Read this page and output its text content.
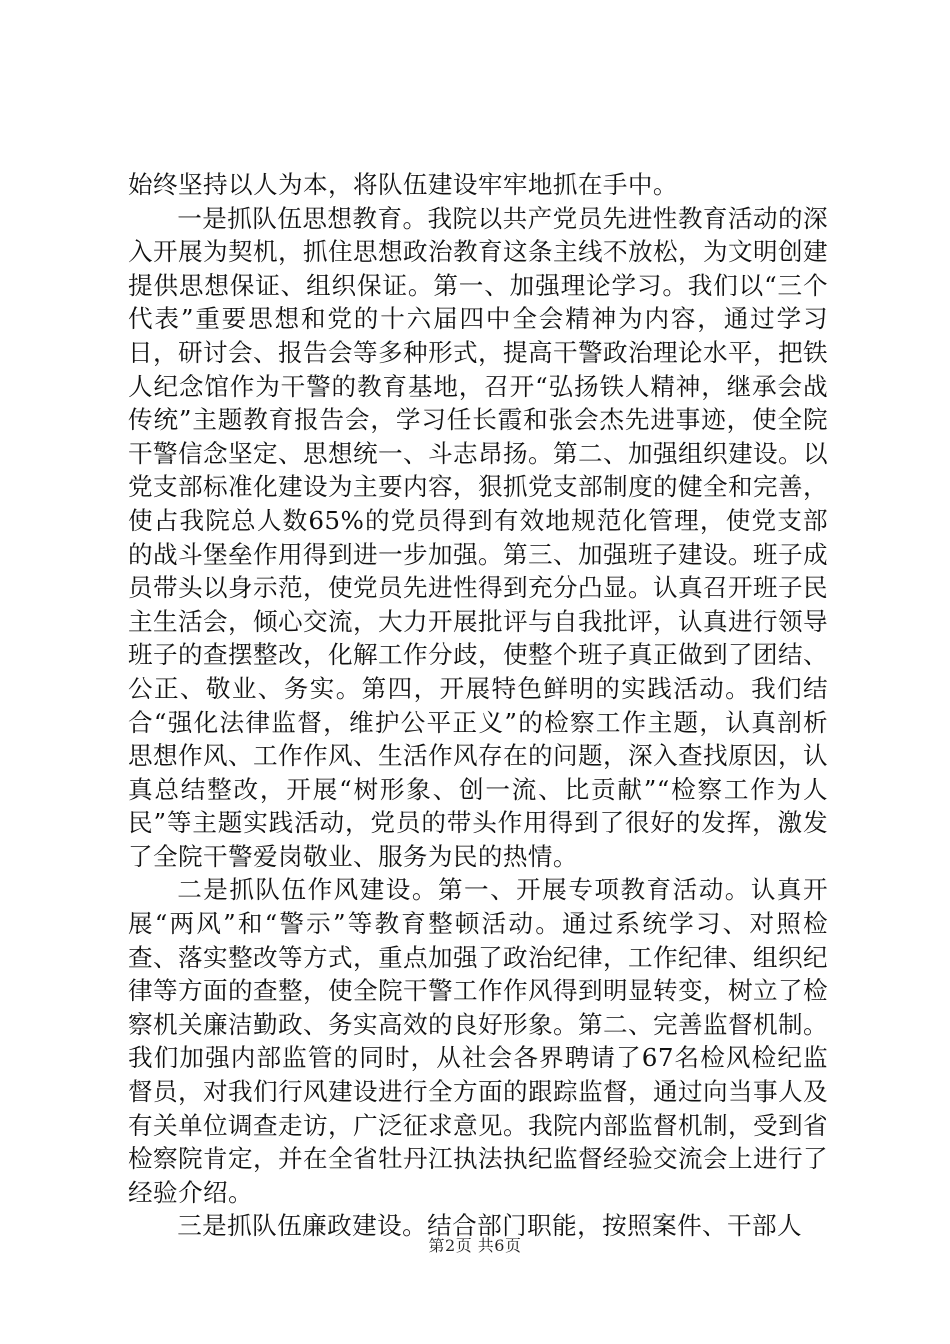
始终坚持以人为本，将队伍建设牢牢地抓在手中。

一是抓队伍思想教育。我院以共产党员先进性教育活动的深入开展为契机，抓住思想政治教育这条主线不放松，为文明创建提供思想保证、组织保证。第一、加强理论学习。我们以“三个代表”重要思想和党的十六届四中全会精神为内容，通过学习日，研讨会、报告会等多种形式，提高干警政治理论水平，把铁人纪念馆作为干警的教育基地，召开“弘扬铁人精神，继承会战传统”主题教育报告会，学习任长霞和张会杰先进事迹，使全院干警信念坚定、思想统一、斗志昂扬。第二、加强组织建设。以党支部标准化建设为主要内容，狠抓党支部制度的健全和完善，使占我院总人数65%的党员得到有效地规范化管理，使党支部的战斗堡垒作用得到进一步加强。第三、加强班子建设。班子成员带头以身示范，使党员先进性得到充分凸显。认真召开班子民主生活会，倾心交流，大力开展批评与自我批评，认真进行领导班子的查摆整改，化解工作分歧，使整个班子真正做到了团结、公正、敬业、务实。第四，开展特色鲜明的实践活动。我们结合“强化法律监督，维护公平正义”的检察工作主题，认真剖析思想作风、工作作风、生活作风存在的问题，深入查找原因，认真总结整改，开展“树形象、创一流、比贡献”“检察工作为人民”等主题实践活动，党员的带头作用得到了很好的发挥，激发了全院干警爱岗敬业、服务为民的热情。

二是抓队伍作风建设。第一、开展专项教育活动。认真开展“两风”和“警示”等教育整顿活动。通过系统学习、对照检查、落实整改等方式，重点加强了政治纪律，工作纪律、组织纪律等方面的查整，使全院干警工作作风得到明显转变，树立了检察机关廉洁勤政、务实高效的良好形象。第二、完善监督机制。我们加强内部监管的同时，从社会各界聘请了67名检风检纪监督员，对我们行风建设进行全方面的跟踪监督，通过向当事人及有关单位调查走访，广泛征求意见。我院内部监督机制，受到省检察院肯定，并在全省牡丹江执法执纪监督经验交流会上进行了经验介绍。

三是抓队伍廉政建设。结合部门职能，按照案件、干部人

第2页 共6页
